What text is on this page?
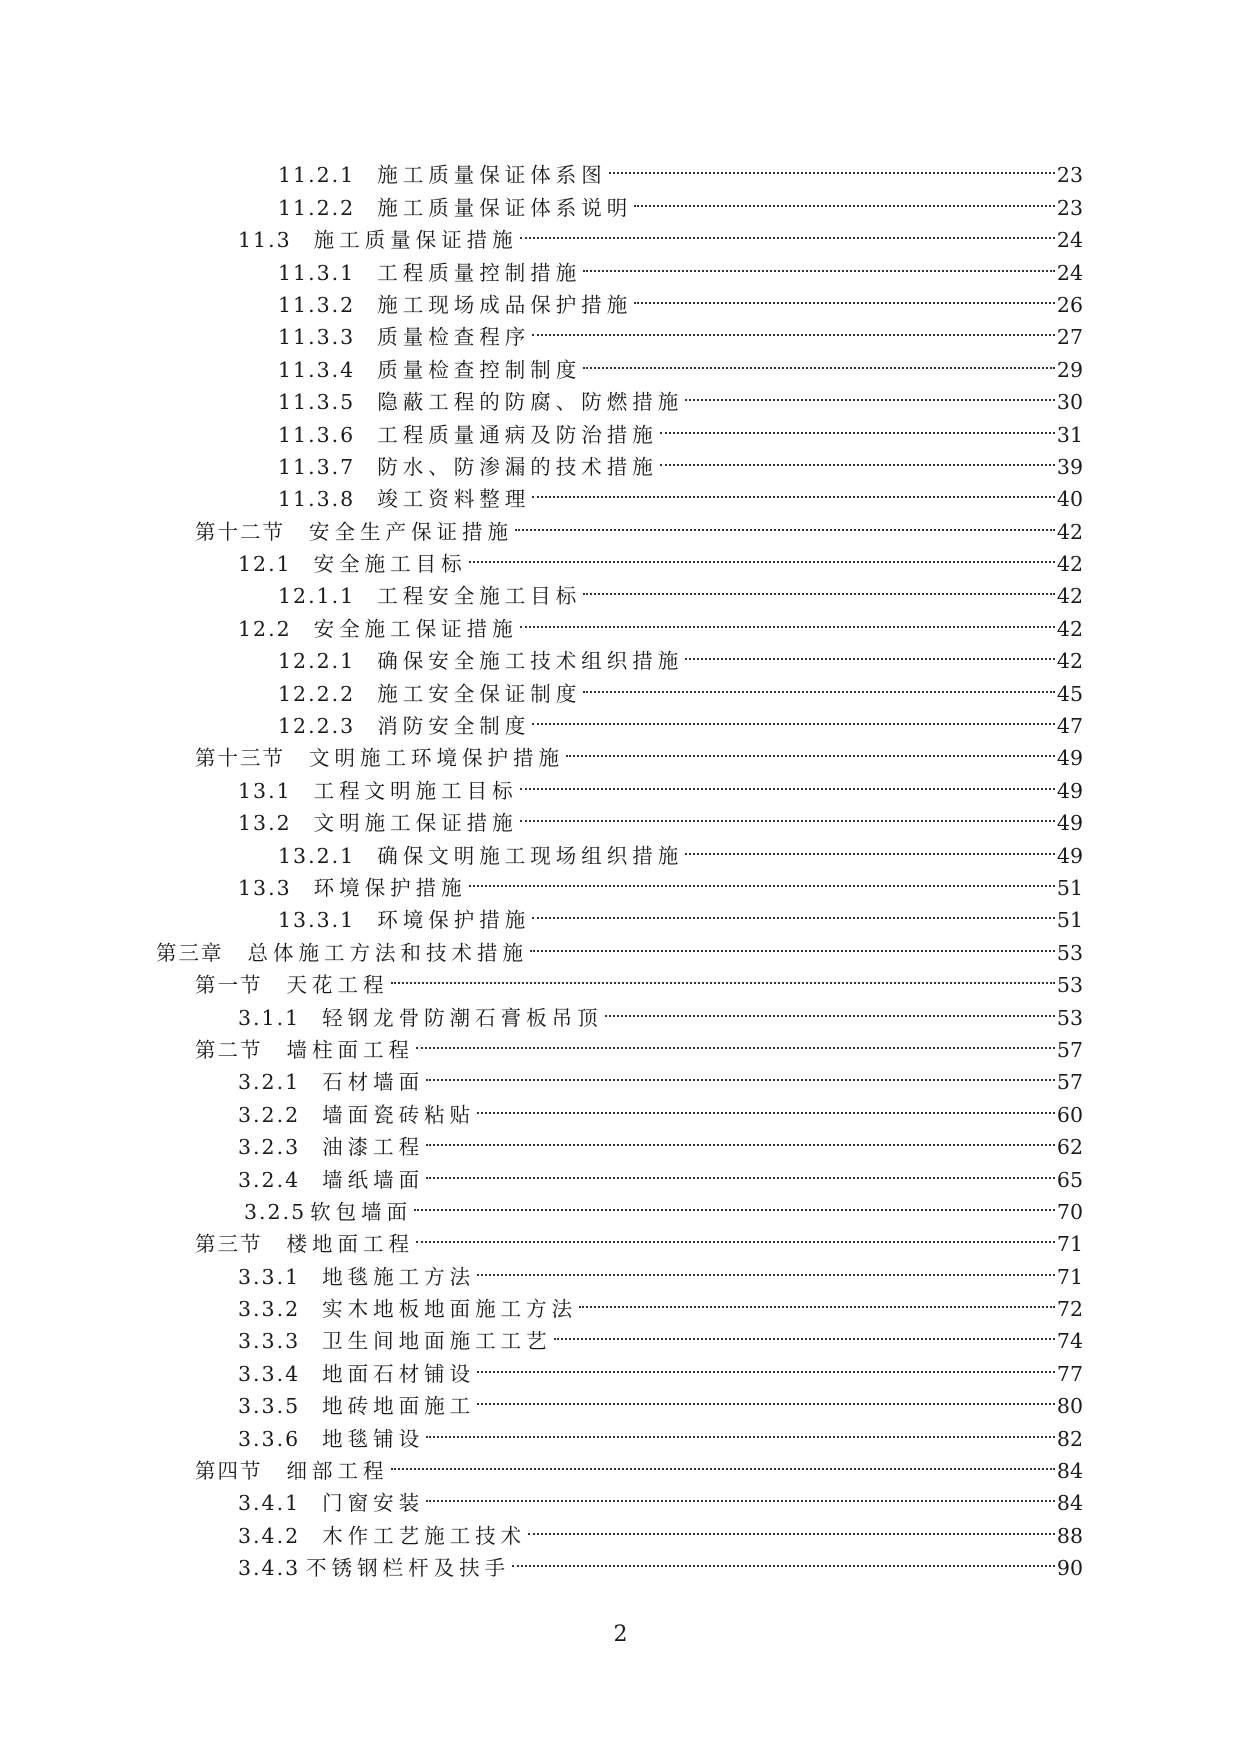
11.2.1 施工质量保证体系图	23
11.2.2 施工质量保证体系说明	23
11.3 施工质量保证措施	24
11.3.1 工程质量控制措施	24
11.3.2 施工现场成品保护措施	26
11.3.3 质量检查程序	27
11.3.4 质量检查控制制度	29
11.3.5 隐蔽工程的防腐、防燃措施	30
11.3.6 工程质量通病及防治措施	31
11.3.7 防水、防渗漏的技术措施	39
11.3.8 竣工资料整理	40
第十二节 安全生产保证措施	42
12.1 安全施工目标	42
12.1.1 工程安全施工目标	42
12.2 安全施工保证措施	42
12.2.1 确保安全施工技术组织措施	42
12.2.2 施工安全保证制度	45
12.2.3 消防安全制度	47
第十三节 文明施工环境保护措施	49
13.1 工程文明施工目标	49
13.2 文明施工保证措施	49
13.2.1 确保文明施工现场组织措施	49
13.3 环境保护措施	51
13.3.1 环境保护措施	51
第三章 总体施工方法和技术措施	53
第一节 天花工程	53
3.1.1 轻钢龙骨防潮石膏板吊顶	53
第二节 墙柱面工程	57
3.2.1 石材墙面	57
3.2.2 墙面瓷砖粘贴	60
3.2.3 油漆工程	62
3.2.4 墙纸墙面	65
3.2.5 软包墙面	70
第三节 楼地面工程	71
3.3.1 地毯施工方法	71
3.3.2 实木地板地面施工方法	72
3.3.3 卫生间地面施工工艺	74
3.3.4 地面石材铺设	77
3.3.5 地砖地面施工	80
3.3.6 地毯铺设	82
第四节 细部工程	84
3.4.1 门窗安装	84
3.4.2 木作工艺施工技术	88
3.4.3 不锈钢栏杆及扶手	90
2
